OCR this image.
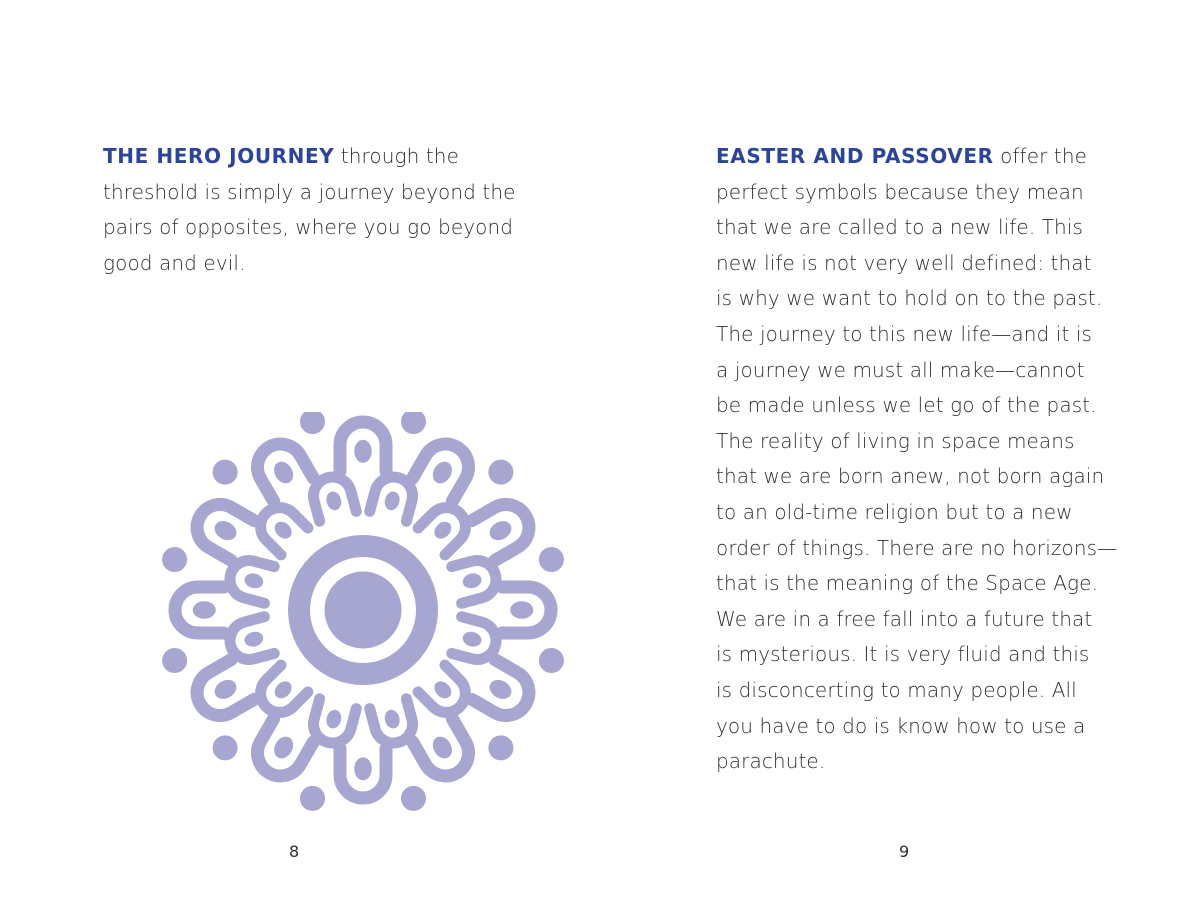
THE HERO JOURNEY through the
threshold is simply a journey beyond the
pairs of opposites, where you go beyond
good and evil.
8
EASTER AND PASSOVER offer the
perfect symbols because they mean
that we are called to a new life. This
new life is not very well defined: that
is why we want to hold on to the past.
The journey to this new life—and it is
a journey we must all make—cannot
be made unless we let go of the past.
The reality of living in space means
that we are born anew, not born again
to an old-time religion but to a new
order of things. There are no horizons—
that is the meaning of the Space Age.
We are in a free fall into a future that
is mysterious. It is very fluid and this
is disconcerting to many people. All
you have to do is know how to use a
parachute.
9
